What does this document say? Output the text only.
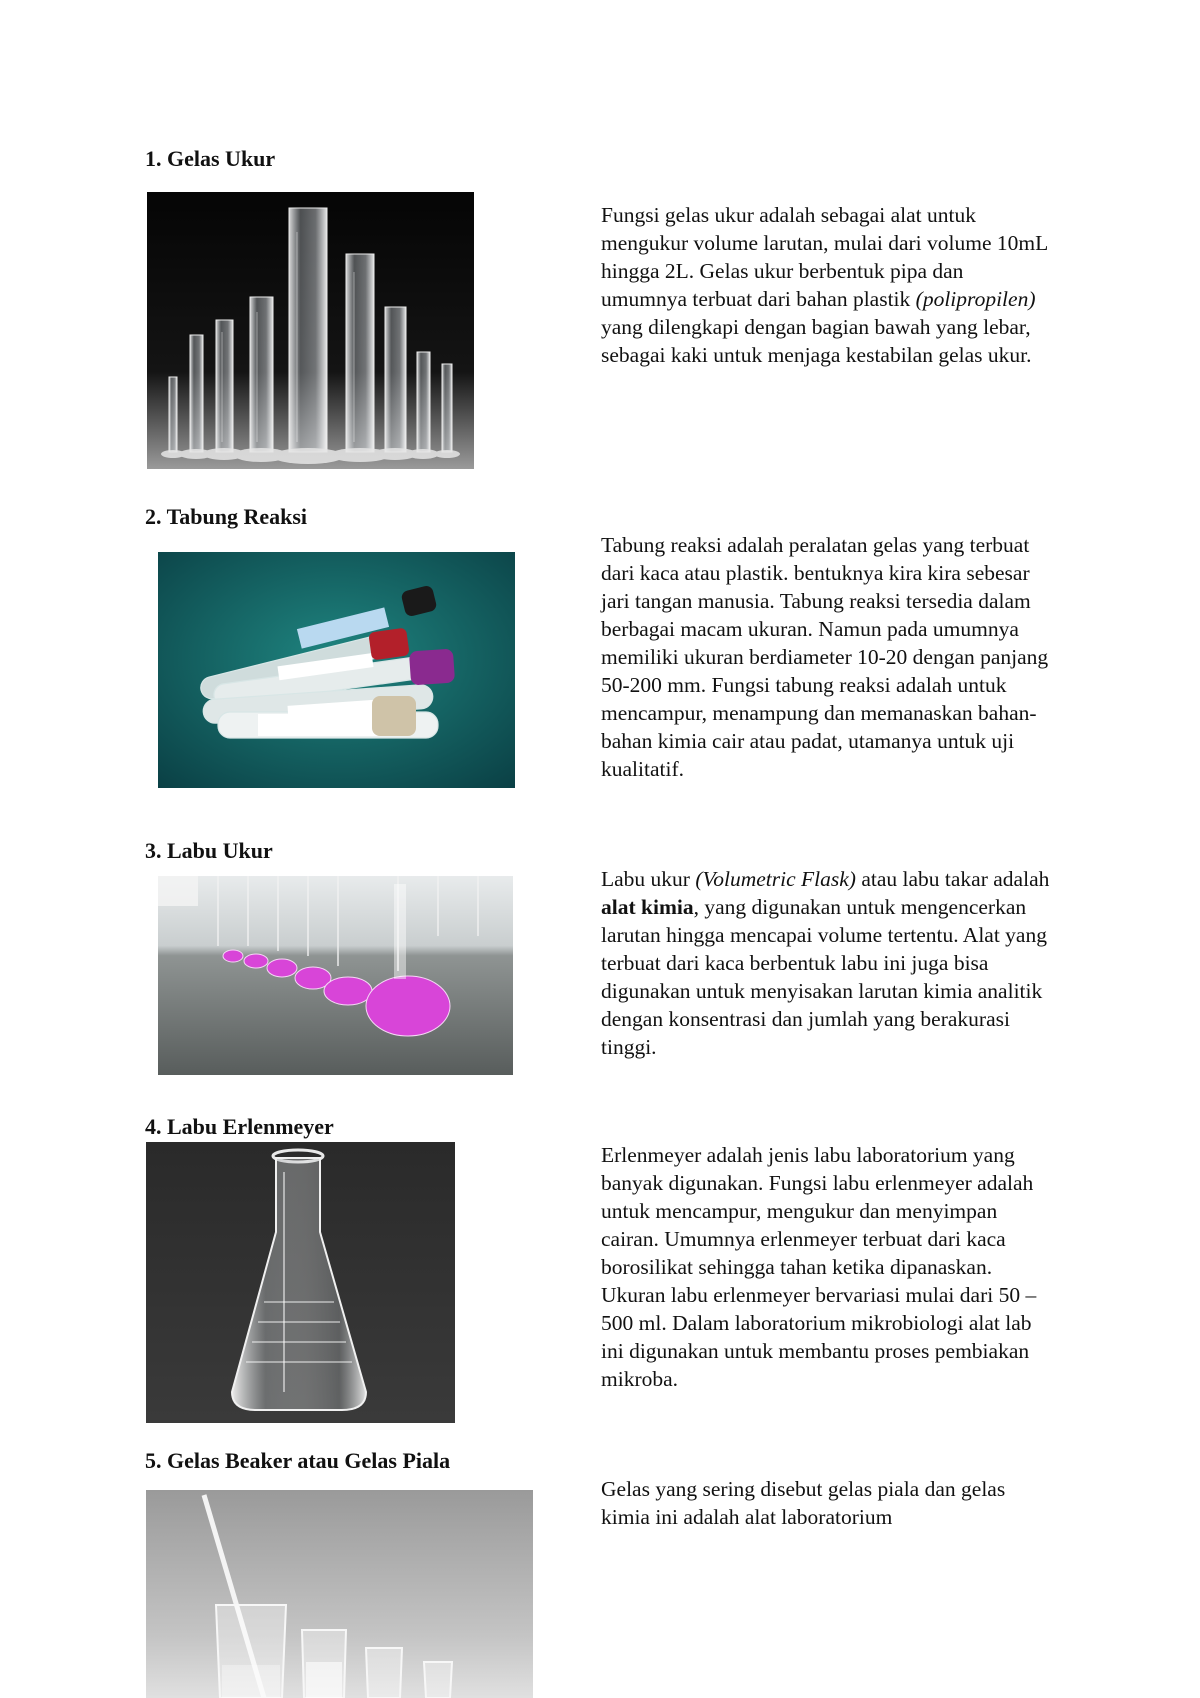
1. Gelas Ukur
Fungsi gelas ukur adalah sebagai alat untuk mengukur volume larutan, mulai dari volume 10mL hingga 2L. Gelas ukur berbentuk pipa dan umumnya terbuat dari bahan plastik (polipropilen) yang dilengkapi dengan bagian bawah yang lebar, sebagai kaki untuk menjaga kestabilan gelas ukur.
2. Tabung Reaksi
Tabung reaksi adalah peralatan gelas yang terbuat dari kaca atau plastik. bentuknya kira kira sebesar jari tangan manusia. Tabung reaksi tersedia dalam berbagai macam ukuran. Namun pada umumnya memiliki ukuran berdiameter 10-20 dengan panjang 50-200 mm. Fungsi tabung reaksi adalah untuk mencampur, menampung dan memanaskan bahan-bahan kimia cair atau padat, utamanya untuk uji kualitatif.
3. Labu Ukur
Labu ukur (Volumetric Flask) atau labu takar adalah alat kimia, yang digunakan untuk mengencerkan larutan hingga mencapai volume tertentu. Alat yang terbuat dari kaca berbentuk labu ini juga bisa digunakan untuk menyisakan larutan kimia analitik dengan konsentrasi dan jumlah yang berakurasi tinggi.
4. Labu Erlenmeyer
Erlenmeyer adalah jenis labu laboratorium yang banyak digunakan. Fungsi labu erlenmeyer adalah untuk mencampur, mengukur dan menyimpan cairan. Umumnya erlenmeyer terbuat dari kaca borosilikat sehingga tahan ketika dipanaskan. Ukuran labu erlenmeyer bervariasi mulai dari 50 – 500 ml. Dalam laboratorium mikrobiologi alat lab ini digunakan untuk membantu proses pembiakan mikroba.
5. Gelas Beaker atau Gelas Piala
Gelas yang sering disebut gelas piala dan gelas kimia ini adalah alat laboratorium
